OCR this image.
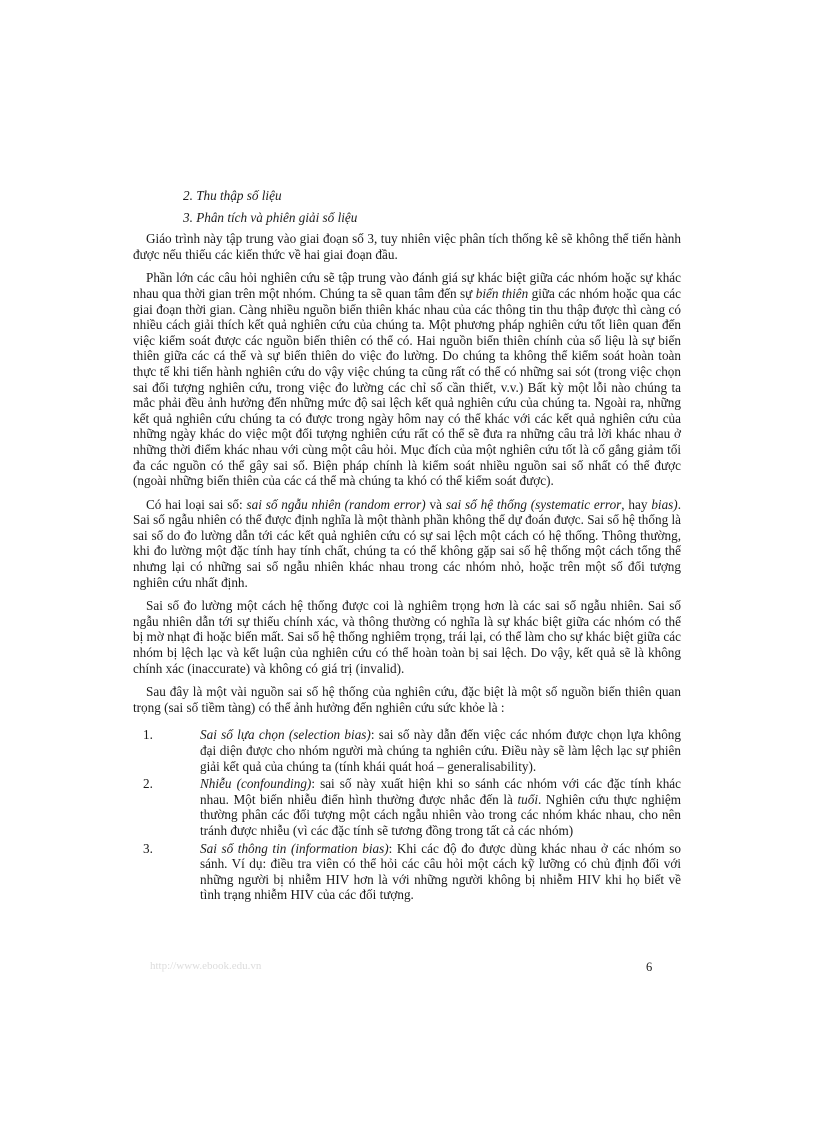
2. Thu thập số liệu
3. Phân tích và phiên giải số liệu

Giáo trình này tập trung vào giai đoạn số 3, tuy nhiên việc phân tích thống kê sẽ không thể tiến hành được nếu thiếu các kiến thức về hai giai đoạn đầu.

Phần lớn các câu hỏi nghiên cứu sẽ tập trung vào đánh giá sự khác biệt giữa các nhóm hoặc sự khác nhau qua thời gian trên một nhóm. Chúng ta sẽ quan tâm đến sự biến thiên giữa các nhóm hoặc qua các giai đoạn thời gian. Càng nhiều nguồn biến thiên khác nhau của các thông tin thu thập được thì càng có nhiều cách giải thích kết quả nghiên cứu của chúng ta. Một phương pháp nghiên cứu tốt liên quan đến việc kiểm soát được các nguồn biến thiên có thể có. Hai nguồn biến thiên chính của số liệu là sự biến thiên giữa các cá thể và sự biến thiên do việc đo lường. Do chúng ta không thể kiểm soát hoàn toàn thực tế khi tiến hành nghiên cứu do vậy việc chúng ta cũng rất có thể có những sai sót (trong việc chọn sai đối tượng nghiên cứu, trong việc đo lường các chỉ số cần thiết, v.v.) Bất kỳ một lỗi nào chúng ta mắc phải đều ảnh hưởng đến những mức độ sai lệch kết quả nghiên cứu của chúng ta. Ngoài ra, những kết quả nghiên cứu chúng ta có được trong ngày hôm nay có thể khác với các kết quả nghiên cứu của những ngày khác do việc một đối tượng nghiên cứu rất có thể sẽ đưa ra những câu trả lời khác nhau ở những thời điểm khác nhau với cùng một câu hỏi. Mục đích của một nghiên cứu tốt là cố gắng giảm tối đa các nguồn có thể gây sai số. Biện pháp chính là kiểm soát nhiều nguồn sai số nhất có thể được (ngoài những biến thiên của các cá thể mà chúng ta khó có thể kiểm soát được).

Có hai loại sai số: sai số ngẫu nhiên (random error) và sai số hệ thống (systematic error, hay bias). Sai số ngẫu nhiên có thể được định nghĩa là một thành phần không thể dự đoán được. Sai số hệ thống là sai số do đo lường dẫn tới các kết quả nghiên cứu có sự sai lệch một cách có hệ thống. Thông thường, khi đo lường một đặc tính hay tính chất, chúng ta có thể không gặp sai số hệ thống một cách tổng thể nhưng lại có những sai số ngẫu nhiên khác nhau trong các nhóm nhỏ, hoặc trên một số đối tượng nghiên cứu nhất định.

Sai số đo lường một cách hệ thống được coi là nghiêm trọng hơn là các sai số ngẫu nhiên. Sai số ngẫu nhiên dẫn tới sự thiếu chính xác, và thông thường có nghĩa là sự khác biệt giữa các nhóm có thể bị mờ nhạt đi hoặc biến mất. Sai số hệ thống nghiêm trọng, trái lại, có thể làm cho sự khác biệt giữa các nhóm bị lệch lạc và kết luận của nghiên cứu có thể hoàn toàn bị sai lệch. Do vậy, kết quả sẽ là không chính xác (inaccurate) và không có giá trị (invalid).

Sau đây là một vài nguồn sai số hệ thống của nghiên cứu, đặc biệt là một số nguồn biến thiên quan trọng (sai số tiềm tàng) có thể ảnh hưởng đến nghiên cứu sức khỏe là :

1.	Sai số lựa chọn (selection bias): sai số này dẫn đến việc các nhóm được chọn lựa không đại diện được cho nhóm người mà chúng ta nghiên cứu. Điều này sẽ làm lệch lạc sự phiên giải kết quả của chúng ta (tính khái quát hoá – generalisability).
2.	Nhiễu (confounding): sai số này xuất hiện khi so sánh các nhóm với các đặc tính khác nhau. Một biến nhiễu điển hình thường được nhắc đến là tuổi. Nghiên cứu thực nghiệm thường phân các đối tượng một cách ngẫu nhiên vào trong các nhóm khác nhau, cho nên tránh được nhiễu (vì các đặc tính sẽ tương đồng trong tất cả các nhóm)
3.	Sai số thông tin (information bias): Khi các độ đo được dùng khác nhau ở các nhóm so sánh. Ví dụ: điều tra viên có thể hỏi các câu hỏi một cách kỹ lưỡng có chủ định đối với những người bị nhiễm HIV hơn là với những người không bị nhiễm HIV khi họ biết về tình trạng nhiễm HIV của các đối tượng.
http://www.ebook.edu.vn	6
